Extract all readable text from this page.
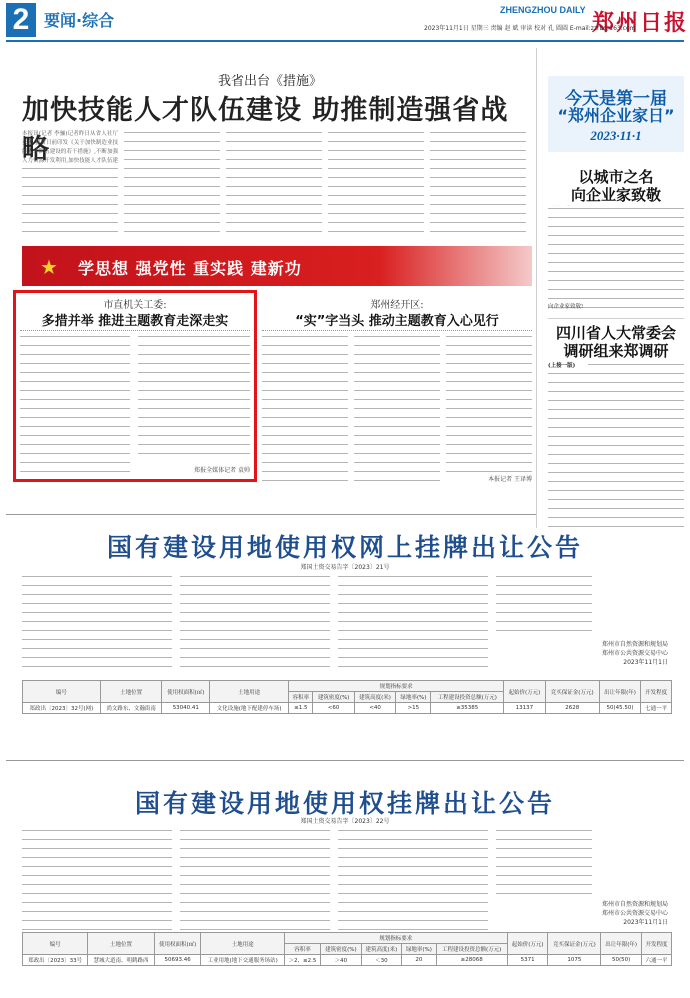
2 要闻·综合
ZHENGZHOU DAILY 郑州日报
2023年11月1日 星期三 责编 赵 斌 审读 校对 孔 圆圆 E-mail:zzrb@163.com
我省出台《措施》
加快技能人才队伍建设 助推制造强省战略
本报讯(记者 李骊)记者昨日从省人社厅获悉,我省日前印发《关于加快制造业技能人才队伍建设的若干措施》,不断加强人力资源开发利用,加快技能人才队伍建
今天是第一届
“郑州企业家日”
2023·11·1
以城市之名
向企业家致敬
向企业家致敬!
四川省人大常委会
调研组来郑调研
(上接一版)
★	学思想 强党性 重实践 建新功
市直机关工委:
多措并举 推进主题教育走深走实
郑报全媒体记者 袁帅
郑州经开区:
“实”字当头 推动主题教育入心见行
本报记者 王译博
国有建设用地使用权网上挂牌出让公告
郑国土资交易告字〔2023〕21号
郑州市自然资源和规划局
郑州市公共资源交易中心
2023年11月1日
编号	土地位置	使用权面积(㎡)	土地用途	规划指标要求					起始价(万元)	竞买保证金(万元)	出让年限(年)	开发程度
				容积率	建筑密度(%)	建筑高度(米)	绿地率(%)	工程建设投资总额(万元)				
郑政出〔2023〕32号(网)	尚文路东、文瀚街南	53040.41	文化设施(地下配建停车场)	≤1.5	<60	<40	>15	≥35385	13137	2628	50(45.50)	七通一平
国有建设用地使用权挂牌出让公告
郑国土资交易告字〔2023〕22号
郑州市自然资源和规划局
郑州市公共资源交易中心
2023年11月1日
编号	土地位置	使用权面积(㎡)	土地用途	规划指标要求					起始价(万元)	竞买保证金(万元)	出让年限(年)	开发程度
				容积率	建筑密度(%)	建筑高度(米)	绿地率(%)	工程建设投资总额(万元)				
郑政出〔2023〕33号	慧城大道南、明鹤路西	50693.46	工业用地(地下交通服务场站)	＞2、≤2.5	＞40	＜30	20	≥28068	5371	1075	50(50)	六通一平
